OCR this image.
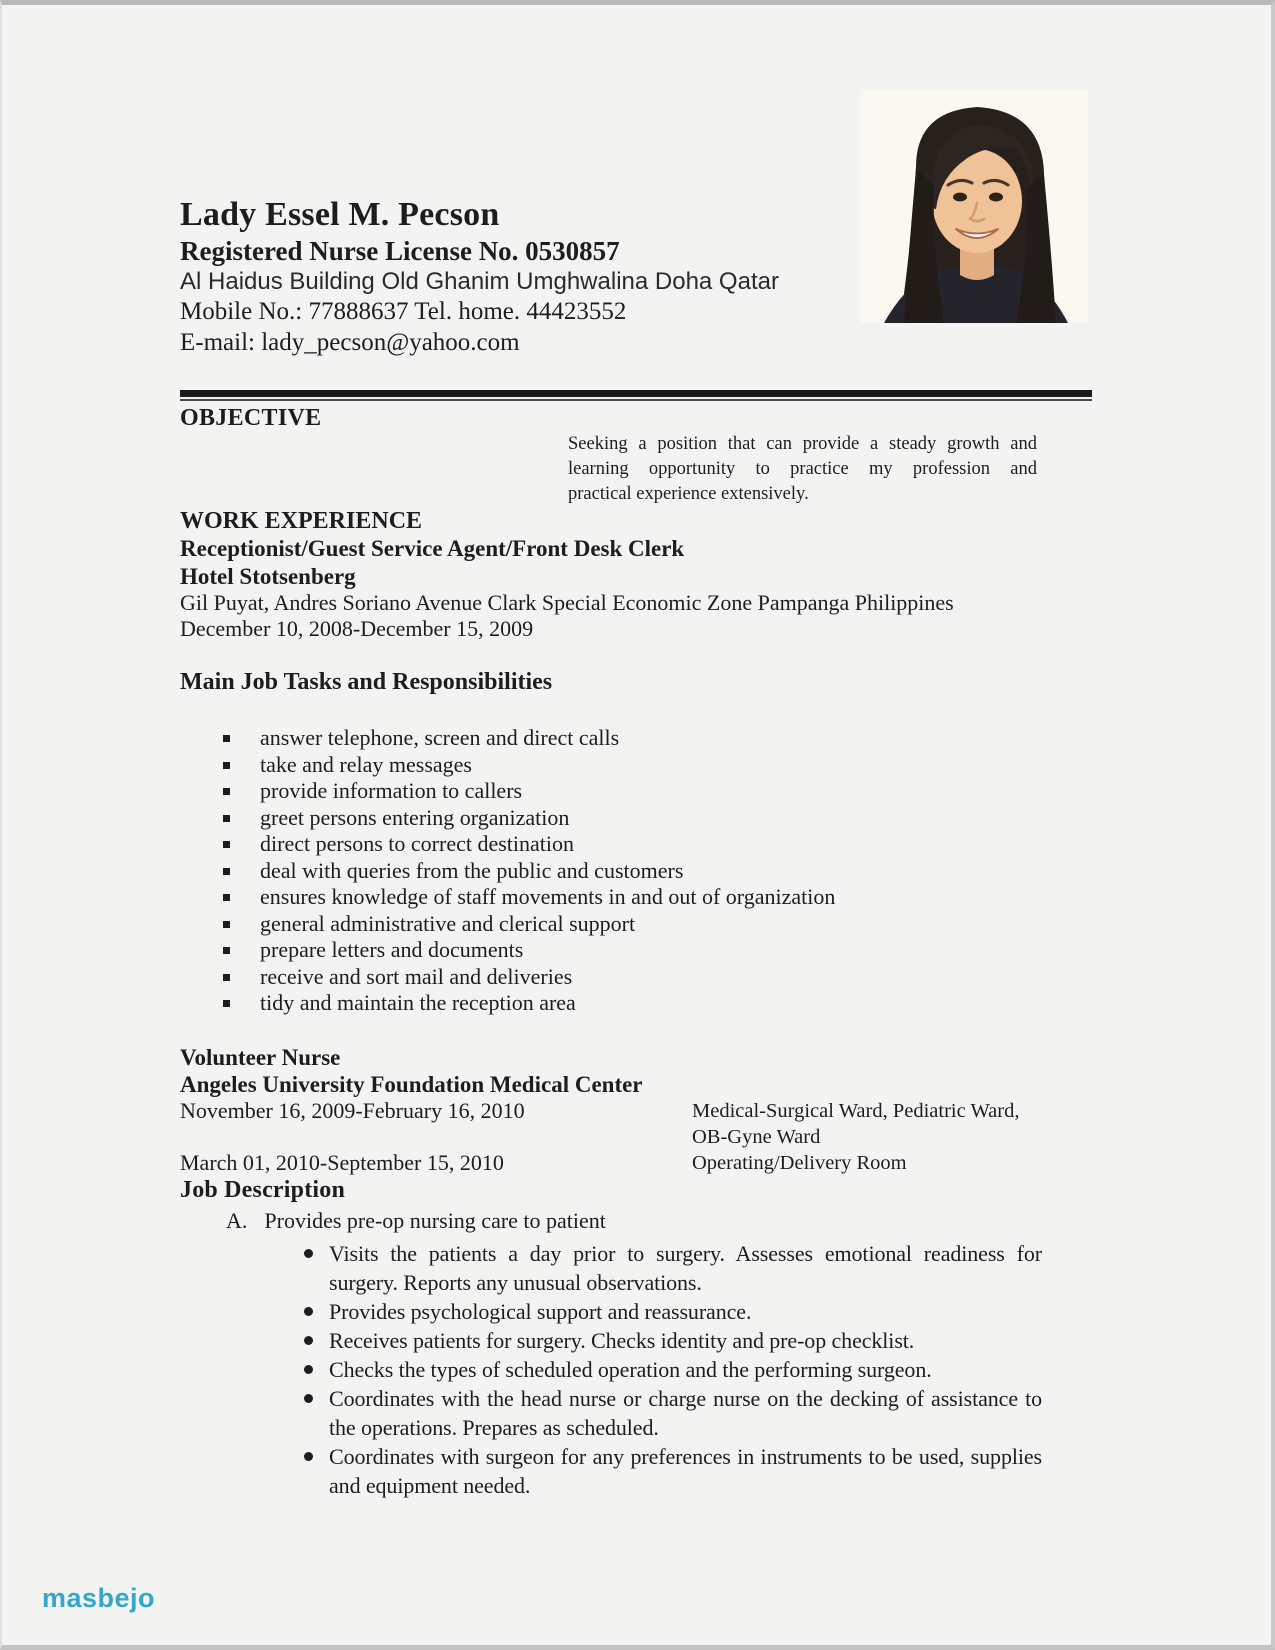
Lady Essel M. Pecson
Registered Nurse License No. 0530857

Al Haidus Building Old Ghanim Umghwalina Doha Qatar

Mobile No.: 77888637 Tel. home. 44423552

E-mail: lady_pecson@yahoo.com

OBJECTIVE
Seeking a position that can provide a steady growth and
learning opportunity to practice my profession and
practical experience extensively.
WORK EXPERIENCE
Receptionist/Guest Service Agent/Front Desk Clerk
Hotel Stotsenberg
Gil Puyat, Andres Soriano Avenue Clark Special Economic Zone Pampanga Philippines
December 10, 2008-December 15, 2009
Main Job Tasks and Responsibilities
answer telephone, screen and direct calls
take and relay messages
provide information to callers
greet persons entering organization
direct persons to correct destination
deal with queries from the public and customers
ensures knowledge of staff movements in and out of organization
general administrative and clerical support
prepare letters and documents
receive and sort mail and deliveries
tidy and maintain the reception area
Volunteer Nurse
Angeles University Foundation Medical Center
November 16, 2009-February 16, 2010	Medical-Surgical Ward, Pediatric Ward,
OB-Gyne Ward
March 01, 2010-September 15, 2010	Operating/Delivery Room
Job Description
A. Provides pre-op nursing care to patient
Visits the patients a day prior to surgery. Assesses emotional readiness for surgery. Reports any unusual observations.
Provides psychological support and reassurance.
Receives patients for surgery. Checks identity and pre-op checklist.
Checks the types of scheduled operation and the performing surgeon.
Coordinates with the head nurse or charge nurse on the decking of assistance to the operations. Prepares as scheduled.
Coordinates with surgeon for any preferences in instruments to be used, supplies and equipment needed.
masbejo
